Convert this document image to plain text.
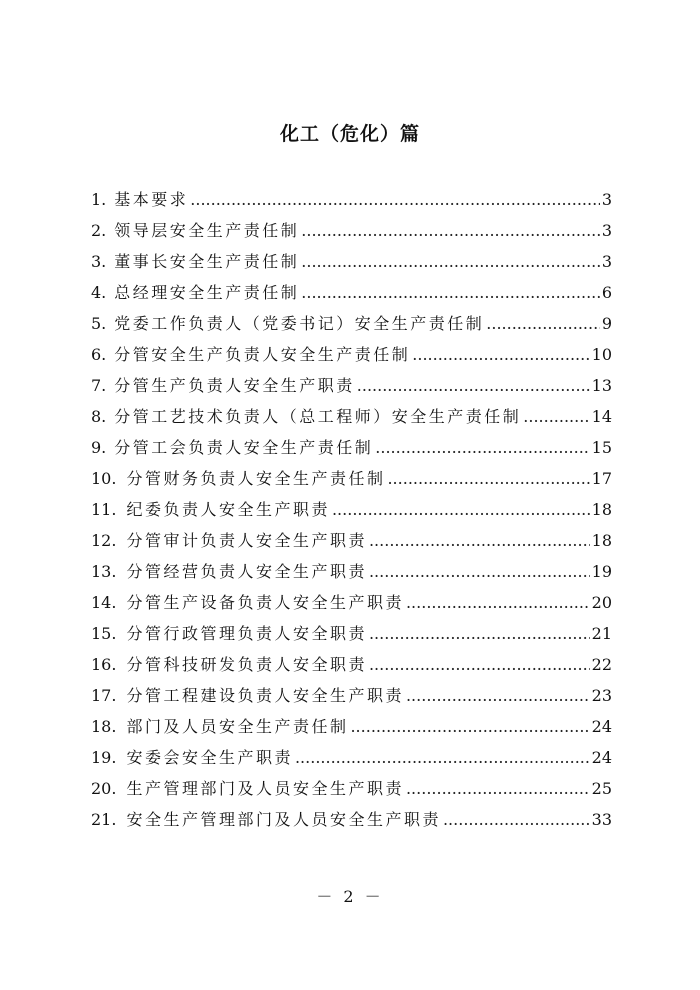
化工（危化）篇
1. 基本要求 .....	3
2. 领导层安全生产责任制 .....	3
3. 董事长安全生产责任制 .....	3
4. 总经理安全生产责任制 .....	6
5. 党委工作负责人（党委书记）安全生产责任制 .....	9
6. 分管安全生产负责人安全生产责任制 .....	10
7. 分管生产负责人安全生产职责 .....	13
8. 分管工艺技术负责人（总工程师）安全生产责任制 .....	14
9. 分管工会负责人安全生产责任制 .....	15
10. 分管财务负责人安全生产责任制 .....	17
11. 纪委负责人安全生产职责 .....	18
12. 分管审计负责人安全生产职责 .....	18
13. 分管经营负责人安全生产职责 .....	19
14. 分管生产设备负责人安全生产职责 .....	20
15. 分管行政管理负责人安全职责 .....	21
16. 分管科技研发负责人安全职责 .....	22
17. 分管工程建设负责人安全生产职责 .....	23
18. 部门及人员安全生产责任制 .....	24
19. 安委会安全生产职责 .....	24
20. 生产管理部门及人员安全生产职责 .....	25
21. 安全生产管理部门及人员安全生产职责 .....	33
－ 2 －
